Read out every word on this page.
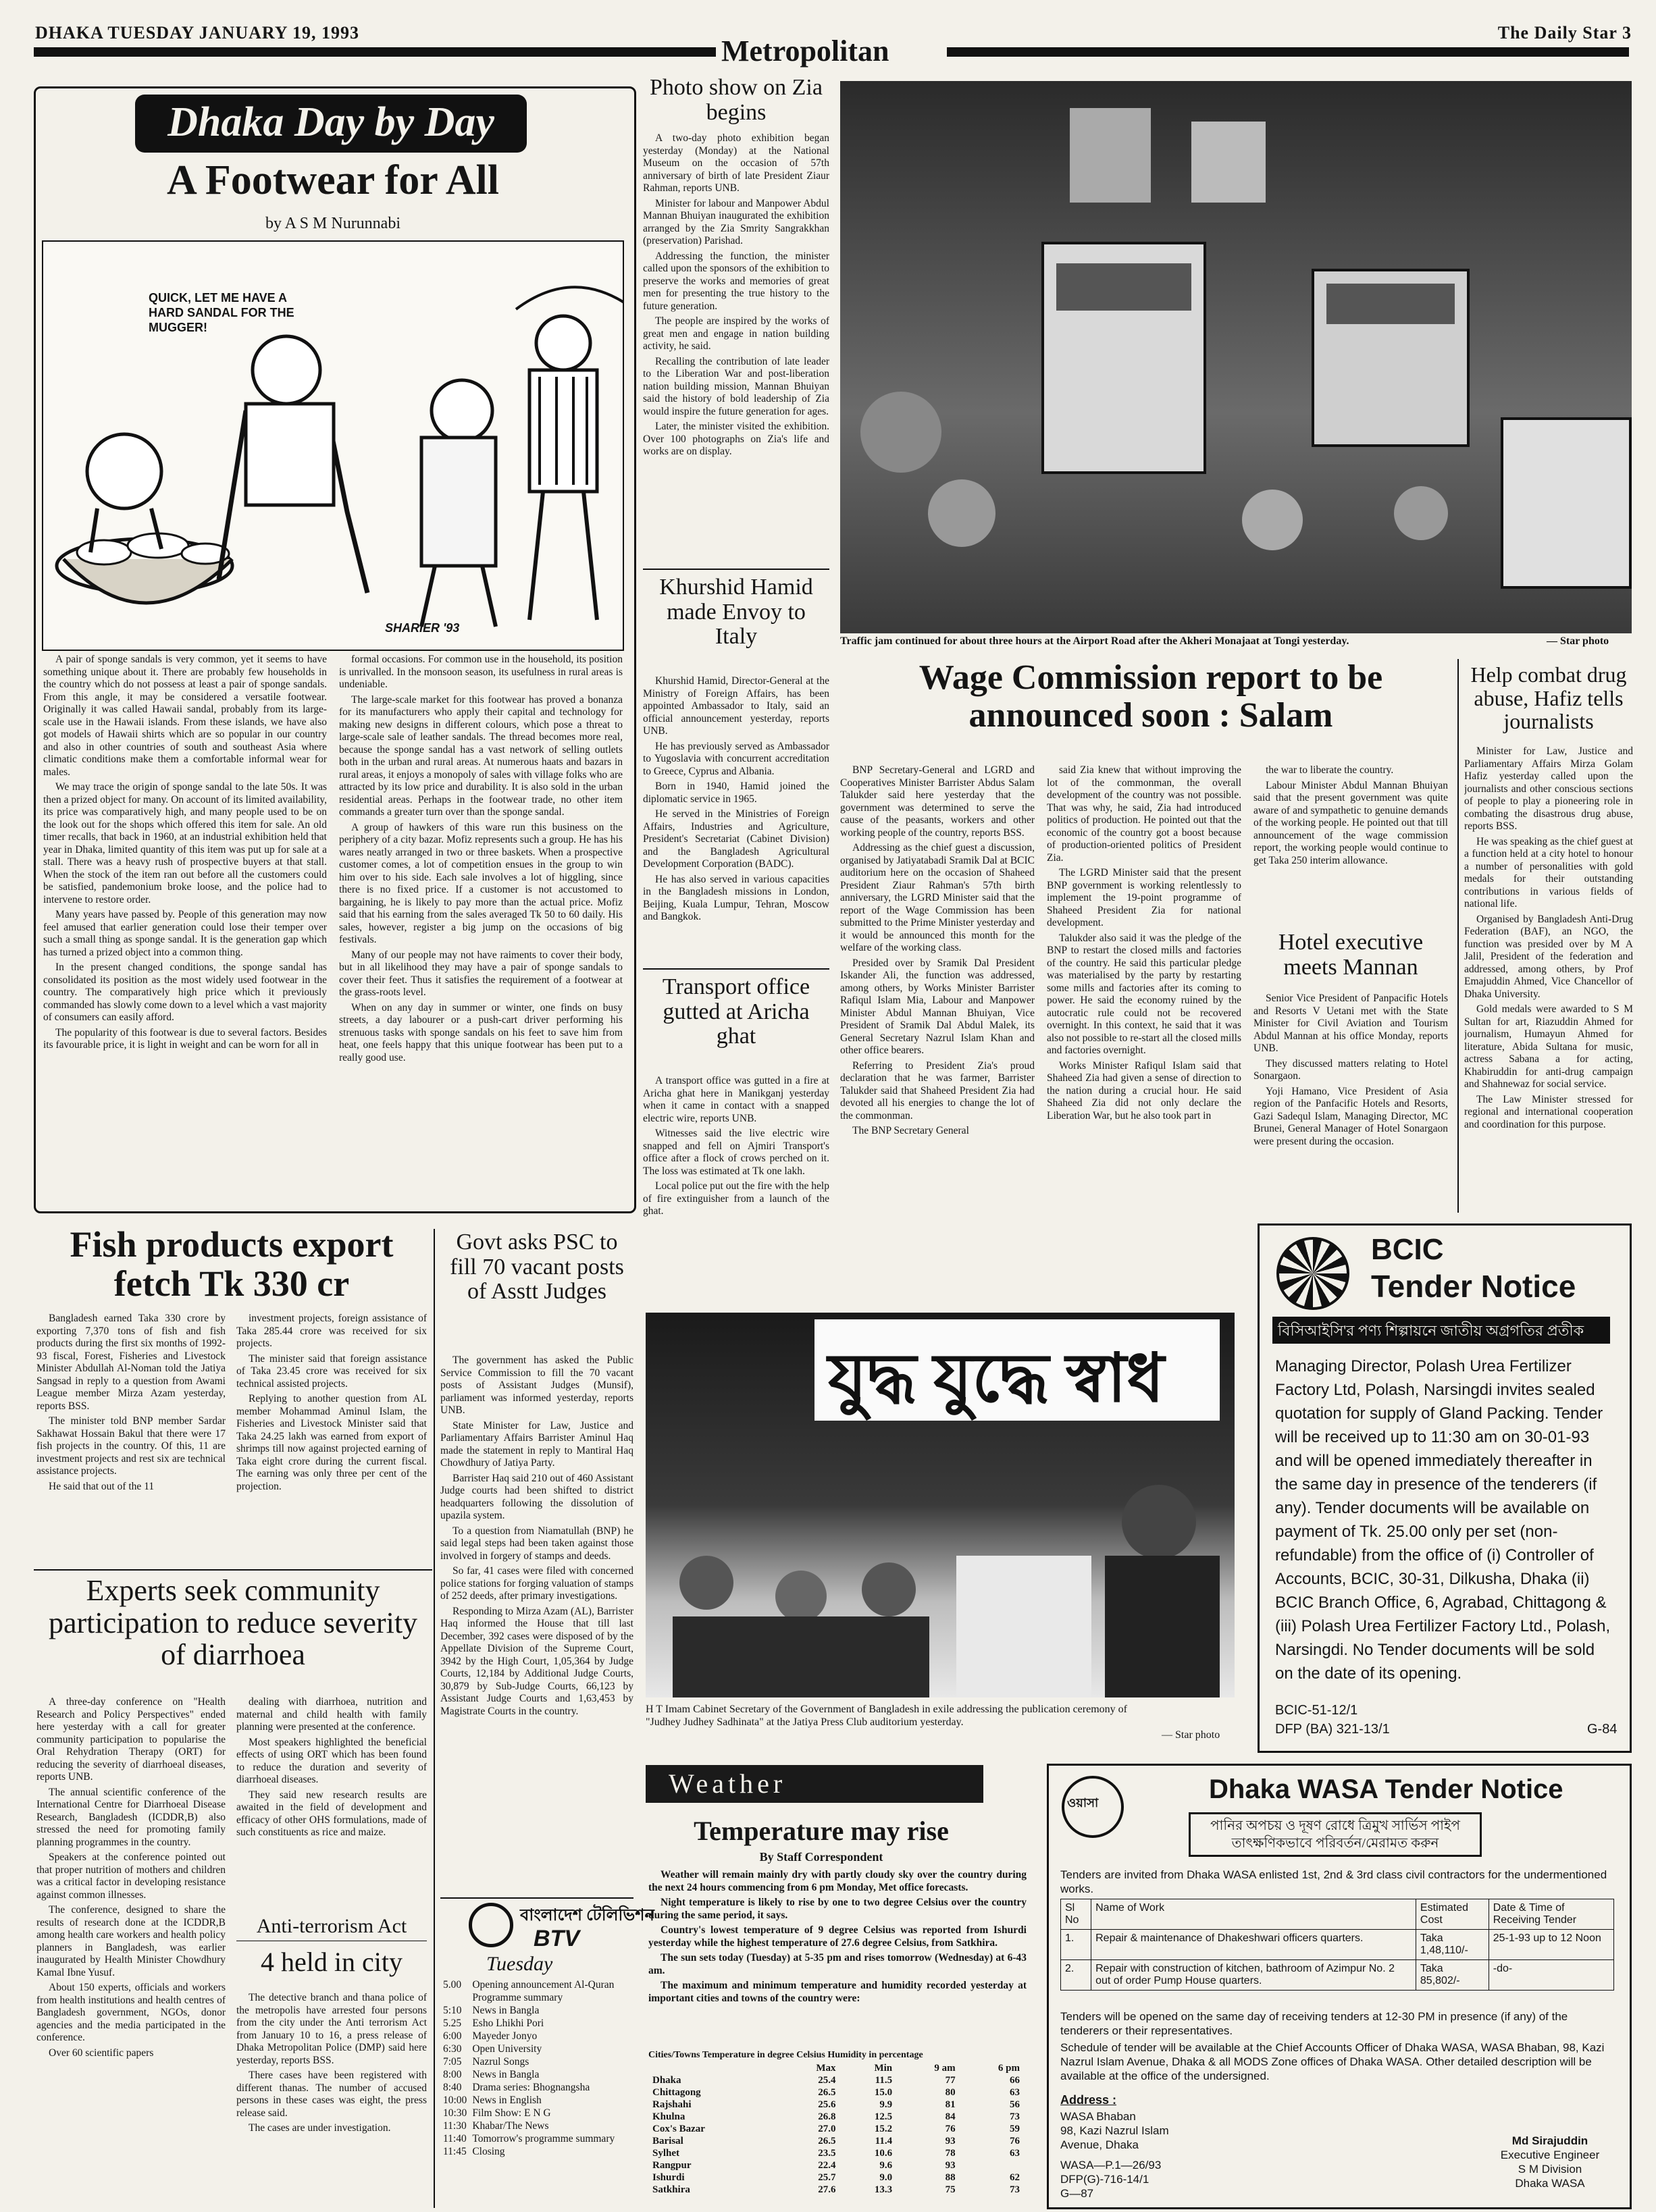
DHAKA TUESDAY JANUARY 19, 1993	The Daily Star 3
Metropolitan
Dhaka Day by Day
A Footwear for All
by A S M Nurunnabi
QUICK, LET ME HAVE A HARD SANDAL FOR THE MUGGER!
SHARIER '93

A pair of sponge sandals is very common, yet it seems to have something unique about it. There are probably few households in the country which do not possess at least a pair of sponge sandals. From this angle, it may be considered a versatile footwear. Originally it was called Hawaii sandal, probably from its large-scale use in the Hawaii islands. From these islands, we have also got models of Hawaii shirts which are so popular in our country and also in other countries of south and southeast Asia where climatic conditions make them a comfortable informal wear for males.

We may trace the origin of sponge sandal to the late 50s. It was then a prized object for many. On account of its limited availability, its price was comparatively high, and many people used to be on the look out for the shops which offered this item for sale. An old timer recalls, that back in 1960, at an industrial exhibition held that year in Dhaka, limited quantity of this item was put up for sale at a stall. There was a heavy rush of prospective buyers at that stall. When the stock of the item ran out before all the customers could be satisfied, pandemonium broke loose, and the police had to intervene to restore order.

Many years have passed by. People of this generation may now feel amused that earlier generation could lose their temper over such a small thing as sponge sandal. It is the generation gap which has turned a prized object into a common thing.

In the present changed conditions, the sponge sandal has consolidated its position as the most widely used footwear in the country. The comparatively high price which it previously commanded has slowly come down to a level which a vast majority of consumers can easily afford.

The popularity of this footwear is due to several factors. Besides its favourable price, it is light in weight and can be worn for all in

formal occasions. For common use in the household, its position is unrivalled. In the monsoon season, its usefulness in rural areas is undeniable.

The large-scale market for this footwear has proved a bonanza for its manufacturers who apply their capital and technology for making new designs in different colours, which pose a threat to large-scale sale of leather sandals. The thread becomes more real, because the sponge sandal has a vast network of selling outlets both in the urban and rural areas. At numerous haats and bazars in rural areas, it enjoys a monopoly of sales with village folks who are attracted by its low price and durability. It is also sold in the urban residential areas. Perhaps in the footwear trade, no other item commands a greater turn over than the sponge sandal.

A group of hawkers of this ware run this business on the periphery of a city bazar. Mofiz represents such a group. He has his wares neatly arranged in two or three baskets. When a prospective customer comes, a lot of competition ensues in the group to win him over to his side. Each sale involves a lot of higgling, since there is no fixed price. If a customer is not accustomed to bargaining, he is likely to pay more than the actual price. Mofiz said that his earning from the sales averaged Tk 50 to 60 daily. His sales, however, register a big jump on the occasions of big festivals.

Many of our people may not have raiments to cover their body, but in all likelihood they may have a pair of sponge sandals to cover their feet. Thus it satisfies the requirement of a footwear at the grass-roots level.

When on any day in summer or winter, one finds on busy streets, a day labourer or a push-cart driver performing his strenuous tasks with sponge sandals on his feet to save him from heat, one feels happy that this unique footwear has been put to a really good use.

Photo show on Zia begins

A two-day photo exhibition began yesterday (Monday) at the National Museum on the occasion of 57th anniversary of birth of late President Ziaur Rahman, reports UNB.

Minister for labour and Manpower Abdul Mannan Bhuiyan inaugurated the exhibition arranged by the Zia Smrity Sangrakkhan (preservation) Parishad.

Addressing the function, the minister called upon the sponsors of the exhibition to preserve the works and memories of great men for presenting the true history to the future generation.

The people are inspired by the works of great men and engage in nation building activity, he said.

Recalling the contribution of late leader to the Liberation War and post-liberation nation building mission, Mannan Bhuiyan said the history of bold leadership of Zia would inspire the future generation for ages.

Later, the minister visited the exhibition. Over 100 photographs on Zia's life and works are on display.

Khurshid Hamid made Envoy to Italy

Khurshid Hamid, Director-General at the Ministry of Foreign Affairs, has been appointed Ambassador to Italy, said an official announcement yesterday, reports UNB.

He has previously served as Ambassador to Yugoslavia with concurrent accreditation to Greece, Cyprus and Albania.

Born in 1940, Hamid joined the diplomatic service in 1965.

He served in the Ministries of Foreign Affairs, Industries and Agriculture, President's Secretariat (Cabinet Division) and the Bangladesh Agricultural Development Corporation (BADC).

He has also served in various capacities in the Bangladesh missions in London, Beijing, Kuala Lumpur, Tehran, Moscow and Bangkok.

Transport office gutted at Aricha ghat

A transport office was gutted in a fire at Aricha ghat here in Manikganj yesterday when it came in contact with a snapped electric wire, reports UNB.

Witnesses said the live electric wire snapped and fell on Ajmiri Transport's office after a flock of crows perched on it. The loss was estimated at Tk one lakh.

Local police put out the fire with the help of fire extinguisher from a launch of the ghat.

Traffic jam continued for about three hours at the Airport Road after the Akheri Monajaat at Tongi yesterday.	— Star photo
Wage Commission report to be announced soon : Salam

BNP Secretary-General and LGRD and Cooperatives Minister Barrister Abdus Salam Talukder said here yesterday that the government was determined to serve the cause of the peasants, workers and other working people of the country, reports BSS.

Addressing as the chief guest a discussion, organised by Jatiyatabadi Sramik Dal at BCIC auditorium here on the occasion of Shaheed President Ziaur Rahman's 57th birth anniversary, the LGRD Minister said that the report of the Wage Commission has been submitted to the Prime Minister yesterday and it would be announced this month for the welfare of the working class.

Presided over by Sramik Dal President Iskander Ali, the function was addressed, among others, by Works Minister Barrister Rafiqul Islam Mia, Labour and Manpower Minister Abdul Mannan Bhuiyan, Vice President of Sramik Dal Abdul Malek, its General Secretary Nazrul Islam Khan and other office bearers.

Referring to President Zia's proud declaration that he was farmer, Barrister Talukder said that Shaheed President Zia had devoted all his energies to change the lot of the commonman.

The BNP Secretary General

said Zia knew that without improving the lot of the commonman, the overall development of the country was not possible. That was why, he said, Zia had introduced politics of production. He pointed out that the economic of the country got a boost because of production-oriented politics of President Zia.

The LGRD Minister said that the present BNP government is working relentlessly to implement the 19-point programme of Shaheed President Zia for national development.

Talukder also said it was the pledge of the BNP to restart the closed mills and factories of the country. He said this particular pledge was materialised by the party by restarting some mills and factories after its coming to power. He said the economy ruined by the autocratic rule could not be recovered overnight. In this context, he said that it was also not possible to re-start all the closed mills and factories overnight.

Works Minister Rafiqul Islam said that Shaheed Zia had given a sense of direction to the nation during a crucial hour. He said Shaheed Zia did not only declare the Liberation War, but he also took part in

the war to liberate the country.

Labour Minister Abdul Mannan Bhuiyan said that the present government was quite aware of and sympathetic to genuine demands of the working people. He pointed out that till announcement of the wage commission report, the working people would continue to get Taka 250 interim allowance.

Hotel executive meets Mannan

Senior Vice President of Panpacific Hotels and Resorts V Uetani met with the State Minister for Civil Aviation and Tourism Abdul Mannan at his office Monday, reports UNB.

They discussed matters relating to Hotel Sonargaon.

Yoji Hamano, Vice President of Asia region of the Panfacific Hotels and Resorts, Gazi Sadequl Islam, Managing Director, MC Brunei, General Manager of Hotel Sonargaon were present during the occasion.

Help combat drug abuse, Hafiz tells journalists

Minister for Law, Justice and Parliamentary Affairs Mirza Golam Hafiz yesterday called upon the journalists and other conscious sections of people to play a pioneering role in combating the disastrous drug abuse, reports BSS.

He was speaking as the chief guest at a function held at a city hotel to honour a number of personalities with gold medals for their outstanding contributions in various fields of national life.

Organised by Bangladesh Anti-Drug Federation (BAF), an NGO, the function was presided over by M A Jalil, President of the federation and addressed, among others, by Prof Emajuddin Ahmed, Vice Chancellor of Dhaka University.

Gold medals were awarded to S M Sultan for art, Riazuddin Ahmed for journalism, Humayun Ahmed for literature, Abida Sultana for music, actress Sabana a for acting, Khabiruddin for anti-drug campaign and Shahnewaz for social service.

The Law Minister stressed for regional and international cooperation and coordination for this purpose.

Fish products export fetch Tk 330 cr

Bangladesh earned Taka 330 crore by exporting 7,370 tons of fish and fish products during the first six months of 1992-93 fiscal, Forest, Fisheries and Livestock Minister Abdullah Al-Noman told the Jatiya Sangsad in reply to a question from Awami League member Mirza Azam yesterday, reports BSS.

The minister told BNP member Sardar Sakhawat Hossain Bakul that there were 17 fish projects in the country. Of this, 11 are investment projects and rest six are technical assistance projects.

He said that out of the 11

investment projects, foreign assistance of Taka 285.44 crore was received for six projects.

The minister said that foreign assistance of Taka 23.45 crore was received for six technical assisted projects.

Replying to another question from AL member Mohammad Aminul Islam, the Fisheries and Livestock Minister said that Taka 24.25 lakh was earned from export of shrimps till now against projected earning of Taka eight crore during the current fiscal. The earning was only three per cent of the projection.

Experts seek community participation to reduce severity of diarrhoea

A three-day conference on "Health Research and Policy Perspectives" ended here yesterday with a call for greater community participation to popularise the Oral Rehydration Therapy (ORT) for reducing the severity of diarrhoeal diseases, reports UNB.

The annual scientific conference of the International Centre for Diarrhoeal Disease Research, Bangladesh (ICDDR,B) also stressed the need for promoting family planning programmes in the country.

Speakers at the conference pointed out that proper nutrition of mothers and children was a critical factor in developing resistance against common illnesses.

The conference, designed to share the results of research done at the ICDDR,B among health care workers and health policy planners in Bangladesh, was earlier inaugurated by Health Minister Chowdhury Kamal Ibne Yusuf.

About 150 experts, officials and workers from health institutions and health centres of Bangladesh government, NGOs, donor agencies and the media participated in the conference.

Over 60 scientific papers

dealing with diarrhoea, nutrition and maternal and child health with family planning were presented at the conference.

Most speakers highlighted the beneficial effects of using ORT which has been found to reduce the duration and severity of diarrhoeal diseases.

They said new research results are awaited in the field of development and efficacy of other OHS formulations, made of such constituents as rice and maize.

Anti-terrorism Act
4 held in city

The detective branch and thana police of the metropolis have arrested four persons from the city under the Anti terrorism Act from January 10 to 16, a press release of Dhaka Metropolitan Police (DMP) said here yesterday, reports BSS.

There cases have been registered with different thanas. The number of accused persons in these cases was eight, the press release said.

The cases are under investigation.

Govt asks PSC to fill 70 vacant posts of Asstt Judges

The government has asked the Public Service Commission to fill the 70 vacant posts of Assistant Judges (Munsif), parliament was informed yesterday, reports UNB.

State Minister for Law, Justice and Parliamentary Affairs Barrister Aminul Haq made the statement in reply to Mantiral Haq Chowdhury of Jatiya Party.

Barrister Haq said 210 out of 460 Assistant Judge courts had been shifted to district headquarters following the dissolution of upazila system.

To a question from Niamatullah (BNP) he said legal steps had been taken against those involved in forgery of stamps and deeds.

So far, 41 cases were filed with concerned police stations for forging valuation of stamps of 252 deeds, after primary investigations.

Responding to Mirza Azam (AL), Barrister Haq informed the House that till last December, 392 cases were disposed of by the Appellate Division of the Supreme Court, 3942 by the High Court, 1,05,364 by Judge Courts, 12,184 by Additional Judge Courts, 30,879 by Sub-Judge Courts, 66,123 by Assistant Judge Courts and 1,63,453 by Magistrate Courts in the country.

বাংলাদেশ টেলিভিশন
BTV
Tuesday
5.00	Opening announcement Al-Quran Programme summary
5:10	News in Bangla
5.25	Esho Lhikhi Pori
6:00	Mayeder Jonyo
6:30	Open University
7:05	Nazrul Songs
8:00	News in Bangla
8:40	Drama series: Bhognangsha
10:00	News in English
10:30	Film Show: E N G
11:30	Khabar/The News
11:40	Tomorrow's programme summary
11:45	Closing
যুদ্ধ যুদ্ধে স্বাধ
H T Imam Cabinet Secretary of the Government of Bangladesh in exile addressing the publication ceremony of "Judhey Judhey Sadhinata" at the Jatiya Press Club auditorium yesterday.
— Star photo
Weather
Temperature may rise
By Staff Correspondent

Weather will remain mainly dry with partly cloudy sky over the country during the next 24 hours commencing from 6 pm Monday, Met office forecasts.

Night temperature is likely to rise by one to two degree Celsius over the country during the same period, it says.

Country's lowest temperature of 9 degree Celsius was reported from Ishurdi yesterday while the highest temperature of 27.6 degree Celsius, from Satkhira.

The sun sets today (Tuesday) at 5-35 pm and rises tomorrow (Wednesday) at 6-43 am.

The maximum and minimum temperature and humidity recorded yesterday at important cities and towns of the country were:

Cities/Towns Temperature in degree Celsius Humidity in percentage
	Max	Min	9 am	6 pm
Dhaka	25.4	11.5	77	66
Chittagong	26.5	15.0	80	63
Rajshahi	25.6	9.9	81	56
Khulna	26.8	12.5	84	73
Cox's Bazar	27.0	15.2	76	59
Barisal	26.5	11.4	93	76
Sylhet	23.5	10.6	78	63
Rangpur	22.4	9.6	93	
Ishurdi	25.7	9.0	88	62
Satkhira	27.6	13.3	75	73
BCIC
Tender Notice
বিসিআইসি'র পণ্য শিল্পায়নে জাতীয় অগ্রগতির প্রতীক
Managing Director, Polash Urea Fertilizer Factory Ltd, Polash, Narsingdi invites sealed quotation for supply of Gland Packing. Tender will be received up to 11:30 am on 30-01-93 and will be opened immediately thereafter in the same day in presence of the tenderers (if any). Tender documents will be available on payment of Tk. 25.00 only per set (non-refundable) from the office of (i) Controller of Accounts, BCIC, 30-31, Dilkusha, Dhaka (ii) BCIC Branch Office, 6, Agrabad, Chittagong & (iii) Polash Urea Fertilizer Factory Ltd., Polash, Narsingdi. No Tender documents will be sold on the date of its opening.
BCIC-51-12/1
DFP (BA) 321-13/1	G-84
ওয়াসা	Dhaka WASA Tender Notice
পানির অপচয় ও দূষণ রোধে ত্রিমুখ সার্ভিস পাইপ তাৎক্ষণিকভাবে পরিবর্তন/মেরামত করুন
Tenders are invited from Dhaka WASA enlisted 1st, 2nd & 3rd class civil contractors for the undermentioned works.
Sl No	Name of Work	Estimated Cost	Date & Time of Receiving Tender
1.	Repair & maintenance of Dhakeshwari officers quarters.	Taka 1,48,110/-	25-1-93 up to 12 Noon
2.	Repair with construction of kitchen, bathroom of Azimpur No. 2 out of order Pump House quarters.	Taka 85,802/-	-do-
Tenders will be opened on the same day of receiving tenders at 12-30 PM in presence (if any) of the tenderers or their representatives.
Schedule of tender will be available at the Chief Accounts Officer of Dhaka WASA, WASA Bhaban, 98, Kazi Nazrul Islam Avenue, Dhaka & all MODS Zone offices of Dhaka WASA. Other detailed description will be available at the office of the undersigned.
Address :
WASA Bhaban
98, Kazi Nazrul Islam
Avenue, Dhaka
WASA—P.1—26/93
DFP(G)-716-14/1
G—87
Md Sirajuddin
Executive Engineer
S M Division
Dhaka WASA
